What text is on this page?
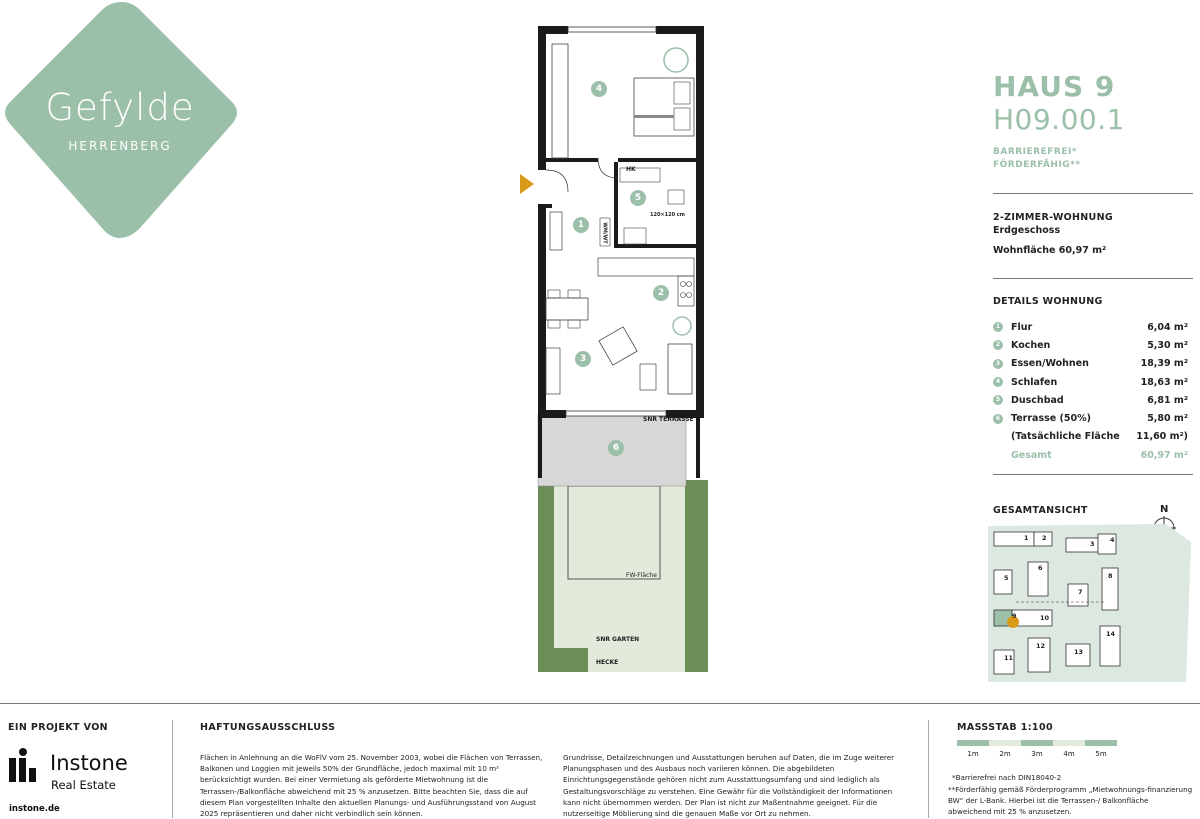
Gefylde
HERRENBERG
4
1
5
2
3
6
HK
120×120 cm
WM/WT
SNR TERRASSE
FW-Fläche
SNR GARTEN
HECKE
HAUS 9
H09.00.1
BARRIEREFREI*
FÖRDERFÄHIG**
2-ZIMMER-WOHNUNG
Erdgeschoss
Wohnfläche 60,97 m²
DETAILS WOHNUNG
1	Flur	6,04 m²
2	Kochen	5,30 m²
3	Essen/Wohnen	18,39 m²
4	Schlafen	18,63 m²
5	Duschbad	6,81 m²
6	Terrasse (50%)	5,80 m²
(Tatsächliche Fläche	11,60 m²)
Gesamt	60,97 m²
GESAMTANSICHT	N
1 2
3 4
5
6
7
8
9	10
11
12
13
14
EIN PROJEKT VON	HAFTUNGSAUSSCHLUSS	MASSSTAB 1:100
Instone
Real Estate
instone.de
Flächen in Anlehnung an die WoFlV vom 25. November 2003, wobei die Flächen von Terrassen, Balkonen und Loggien mit jeweils 50% der Grundfläche, jedoch maximal mit 10 m² berücksichtigt wurden. Bei einer Vermietung als geförderte Mietwohnung ist die Terrassen-/Balkonfläche abweichend mit 25 % anzusetzen. Bitte beachten Sie, dass die auf diesem Plan vorgestellten Inhalte den aktuellen Planungs- und Ausführungsstand von August 2025 repräsentieren und daher nicht verbindlich sein können.
Grundrisse, Detailzeichnungen und Ausstattungen beruhen auf Daten, die im Zuge weiterer Planungsphasen und des Ausbaus noch variieren können. Die abgebildeten Einrichtungsgegenstände gehören nicht zum Ausstattungsumfang und sind lediglich als Gestaltungsvorschläge zu verstehen. Eine Gewähr für die Vollständigkeit der Informationen kann nicht übernommen werden. Der Plan ist nicht zur Maßentnahme geeignet. Für die nutzerseitige Möblierung sind die genauen Maße vor Ort zu nehmen.
1m	2m	3m	4m	5m
*Barrierefrei nach DIN18040-2
**Förderfähig gemäß Förderprogramm „Mietwohnungs-finanzierung BW“ der L-Bank. Hierbei ist die Terrassen-/ Balkonfläche abweichend mit 25 % anzusetzen.
